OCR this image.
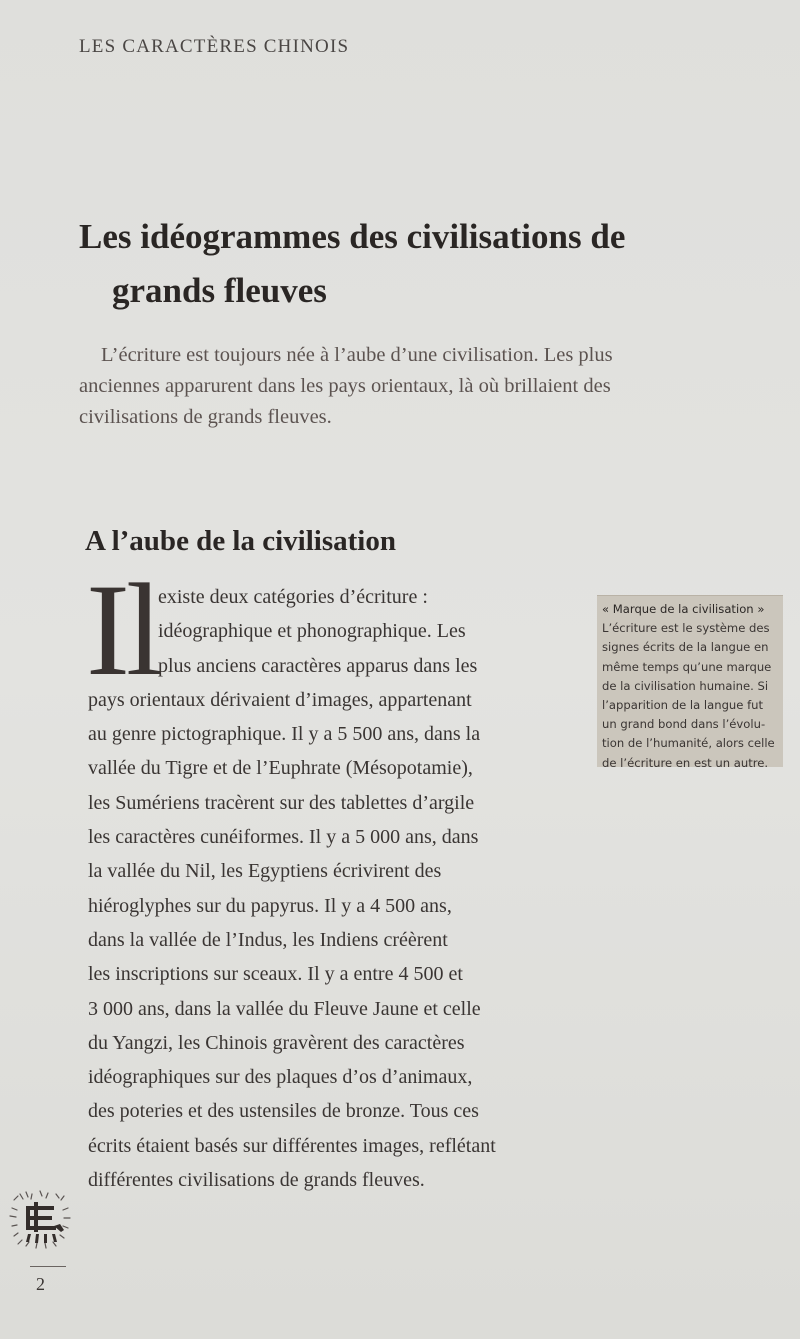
LES CARACTÈRES CHINOIS
Les idéogrammes des civilisations de
grands fleuves

L’écriture est toujours née à l’aube d’une civilisation. Les plus
anciennes apparurent dans les pays orientaux, là où brillaient des
civilisations de grands fleuves.

A l’aube de la civilisation
Il existe deux catégories d’écriture :
idéographique et phonographique. Les
plus anciens caractères apparus dans les
pays orientaux dérivaient d’images, appartenant
au genre pictographique. Il y a 5 500 ans, dans la
vallée du Tigre et de l’Euphrate (Mésopotamie),
les Sumériens tracèrent sur des tablettes d’argile
les caractères cunéiformes. Il y a 5 000 ans, dans
la vallée du Nil, les Egyptiens écrivirent des
hiéroglyphes sur du papyrus. Il y a 4 500 ans,
dans la vallée de l’Indus, les Indiens créèrent
les inscriptions sur sceaux. Il y a entre 4 500 et
3 000 ans, dans la vallée du Fleuve Jaune et celle
du Yangzi, les Chinois gravèrent des caractères
idéographiques sur des plaques d’os d’animaux,
des poteries et des ustensiles de bronze. Tous ces
écrits étaient basés sur différentes images, reflétant
différentes civilisations de grands fleuves.
« Marque de la civilisation »
L’écriture est le système des
signes écrits de la langue en
même temps qu’une marque
de la civilisation humaine. Si
l’apparition de la langue fut
un grand bond dans l’évolu-
tion de l’humanité, alors celle
de l’écriture en est un autre.
2
